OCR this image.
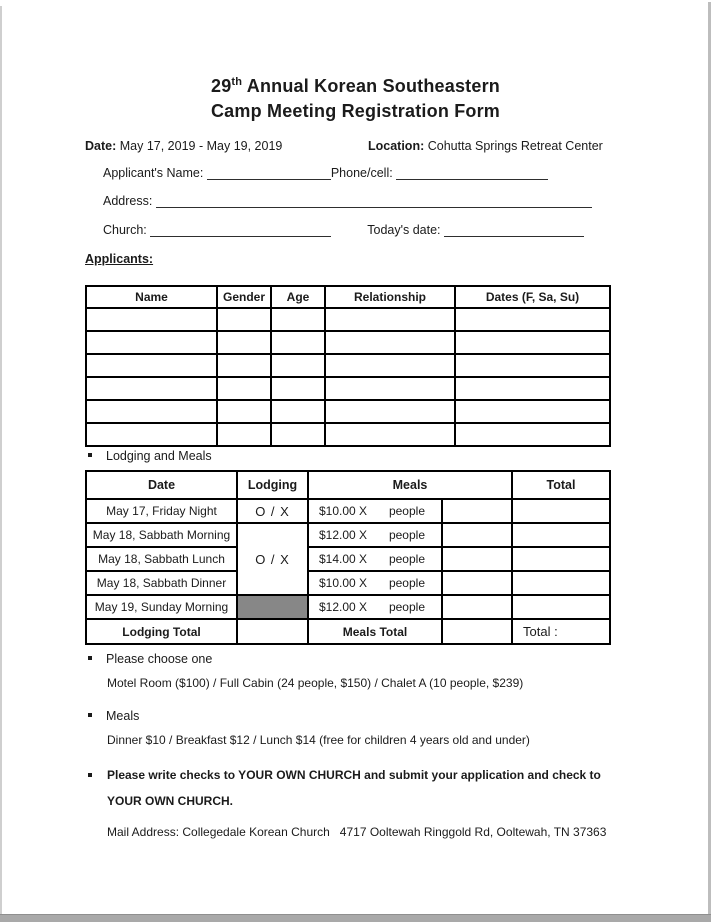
29th Annual Korean Southeastern
Camp Meeting Registration Form
Date: May 17, 2019 - May 19, 2019	Location: Cohutta Springs Retreat Center
Applicant's Name:	Phone/cell:
Address:
Church:	Today's date:
Applicants:
Name	Gender	Age	Relationship	Dates (F, Sa, Su)

Lodging and Meals
Date	Lodging	Meals		Total
May 17, Friday Night	O / X	$10.00 X people		

May 18, Sabbath Morning	O / X	$12.00 X people		

May 18, Sabbath Lunch		$14.00 X people		

May 18, Sabbath Dinner		$10.00 X people		

May 19, Sunday Morning		$12.00 X people		

Lodging Total		Meals Total		Total :
Please choose one
Motel Room ($100) / Full Cabin (24 people, $150) / Chalet A (10 people, $239)
Meals
Dinner $10 / Breakfast $12 / Lunch $14 (free for children 4 years old and under)
Please write checks to YOUR OWN CHURCH and submit your application and check to YOUR OWN CHURCH.
Mail Address: Collegedale Korean Church   4717 Ooltewah Ringgold Rd, Ooltewah, TN 37363
